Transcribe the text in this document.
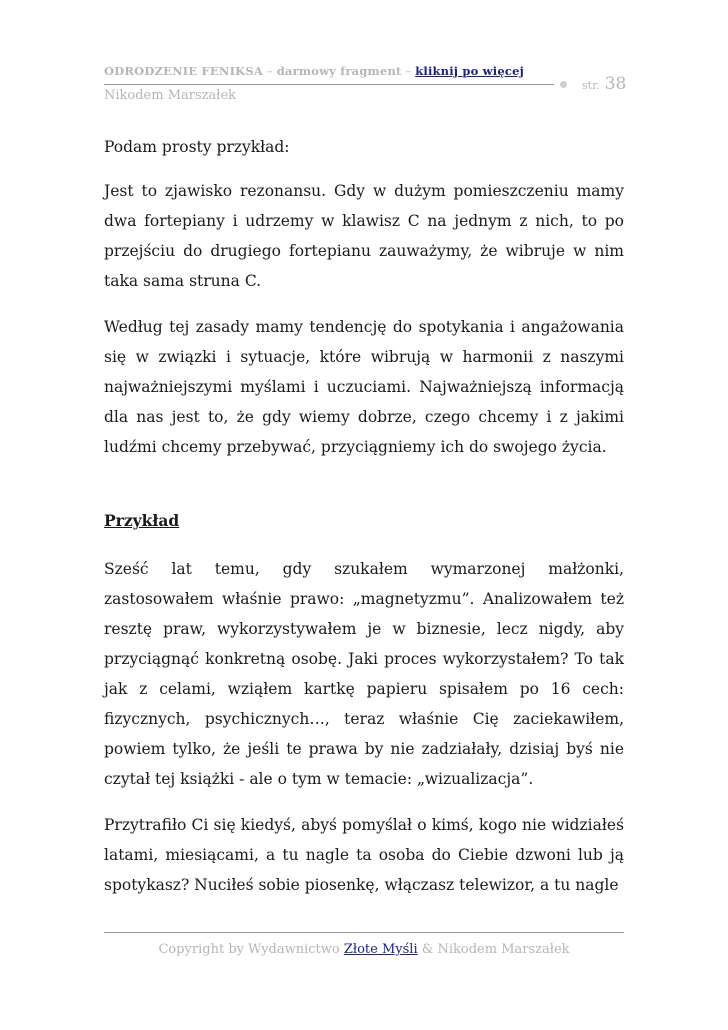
ODRODZENIE FENIKSA – darmowy fragment – kliknij po więcej
str. 38
Nikodem Marszałek

Podam prosty przykład:

Jest to zjawisko rezonansu. Gdy w dużym pomieszczeniu mamy dwa fortepiany i udrzemy w klawisz C na jednym z nich, to po przejściu do drugiego fortepianu zauważymy, że wibruje w nim taka sama struna C.

Według tej zasady mamy tendencję do spotykania i angażowania się w związki i sytuacje, które wibrują w harmonii z naszymi najważniejszymi myślami i uczuciami. Najważniejszą informacją dla nas jest to, że gdy wiemy dobrze, czego chcemy i z jakimi ludźmi chcemy przebywać, przyciągniemy ich do swojego życia.

Przykład

Sześć lat temu, gdy szukałem wymarzonej małżonki, zastosowałem właśnie prawo: „magnetyzmu”. Analizowałem też resztę praw, wykorzystywałem je w biznesie, lecz nigdy, aby przyciągnąć konkretną osobę. Jaki proces wykorzystałem? To tak jak z celami, wziąłem kartkę papieru spisałem po 16 cech: fizycznych, psychicznych…, teraz właśnie Cię zaciekawiłem, powiem tylko, że jeśli te prawa by nie zadziałały, dzisiaj byś nie czytał tej książki - ale o tym w temacie: „wizualizacja”.

Przytrafiło Ci się kiedyś, abyś pomyślał o kimś, kogo nie widziałeś latami, miesiącami, a tu nagle ta osoba do Ciebie dzwoni lub ją spotykasz? Nuciłeś sobie piosenkę, włączasz telewizor, a tu nagle

Copyright by Wydawnictwo Złote Myśli & Nikodem Marszałek
